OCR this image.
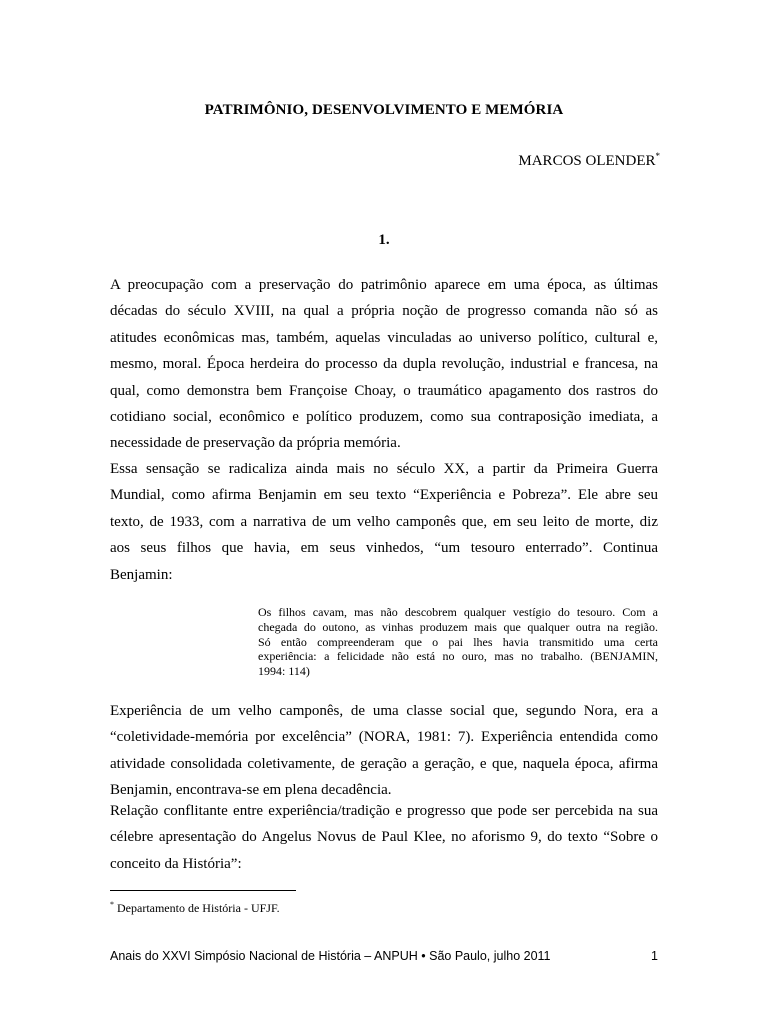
PATRIMÔNIO, DESENVOLVIMENTO E MEMÓRIA
MARCOS OLENDER*
1.

A preocupação com a preservação do patrimônio aparece em uma época, as últimas
décadas do século XVIII, na qual a própria noção de progresso comanda não só as
atitudes econômicas mas, também, aquelas vinculadas ao universo político, cultural e,
mesmo, moral. Época herdeira do processo da dupla revolução, industrial e francesa, na
qual, como demonstra bem Françoise Choay, o traumático apagamento dos rastros do
cotidiano social, econômico e político produzem, como sua contraposição imediata, a
necessidade de preservação da própria memória.

Essa sensação se radicaliza ainda mais no século XX, a partir da Primeira Guerra
Mundial, como afirma Benjamin em seu texto “Experiência e Pobreza”. Ele abre seu
texto, de 1933, com a narrativa de um velho camponês que, em seu leito de morte, diz
aos seus filhos que havia, em seus vinhedos, “um tesouro enterrado”. Continua
Benjamin:

Os filhos cavam, mas não descobrem qualquer vestígio do tesouro. Com a
chegada do outono, as vinhas produzem mais que qualquer outra na região.
Só então compreenderam que o pai lhes havia transmitido uma certa
experiência: a felicidade não está no ouro, mas no trabalho. (BENJAMIN,
1994: 114)

Experiência de um velho camponês, de uma classe social que, segundo Nora, era a
“coletividade-memória por excelência” (NORA, 1981: 7). Experiência entendida como
atividade consolidada coletivamente, de geração a geração, e que, naquela época, afirma
Benjamin, encontrava-se em plena decadência.

Relação conflitante entre experiência/tradição e progresso que pode ser percebida na sua
célebre apresentação do Angelus Novus de Paul Klee, no aforismo 9, do texto “Sobre o
conceito da História”:

* Departamento de História - UFJF.
Anais do XXVI Simpósio Nacional de História – ANPUH • São Paulo, julho 2011	1
